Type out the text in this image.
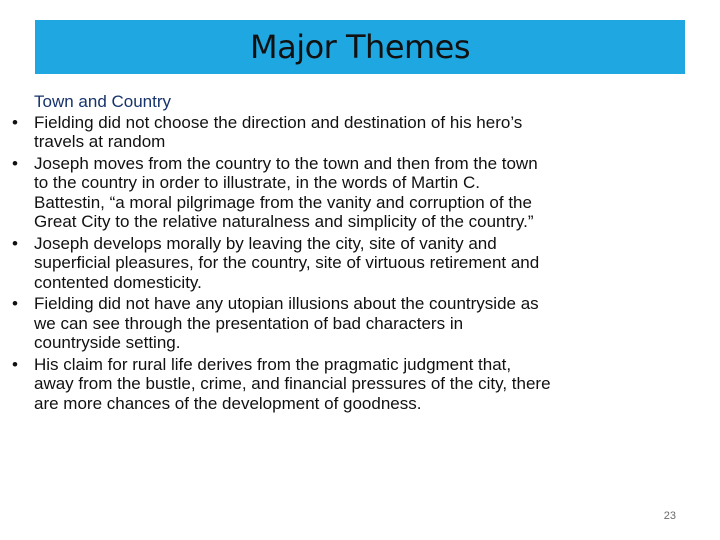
Major Themes
Town and Country
• Fielding did not choose the direction and destination of his hero’s travels at random
• Joseph moves from the country to the town and then from the town to the country in order to illustrate, in the words of Martin C. Battestin, “a moral pilgrimage from the vanity and corruption of the Great City to the relative naturalness and simplicity of the country.”
• Joseph develops morally by leaving the city, site of vanity and superficial pleasures, for the country, site of virtuous retirement and contented domesticity.
• Fielding did not have any utopian illusions about the countryside as we can see through the presentation of bad characters in countryside setting.
• His claim for rural life derives from the pragmatic judgment that, away from the bustle, crime, and financial pressures of the city, there are more chances of the development of goodness.
23
